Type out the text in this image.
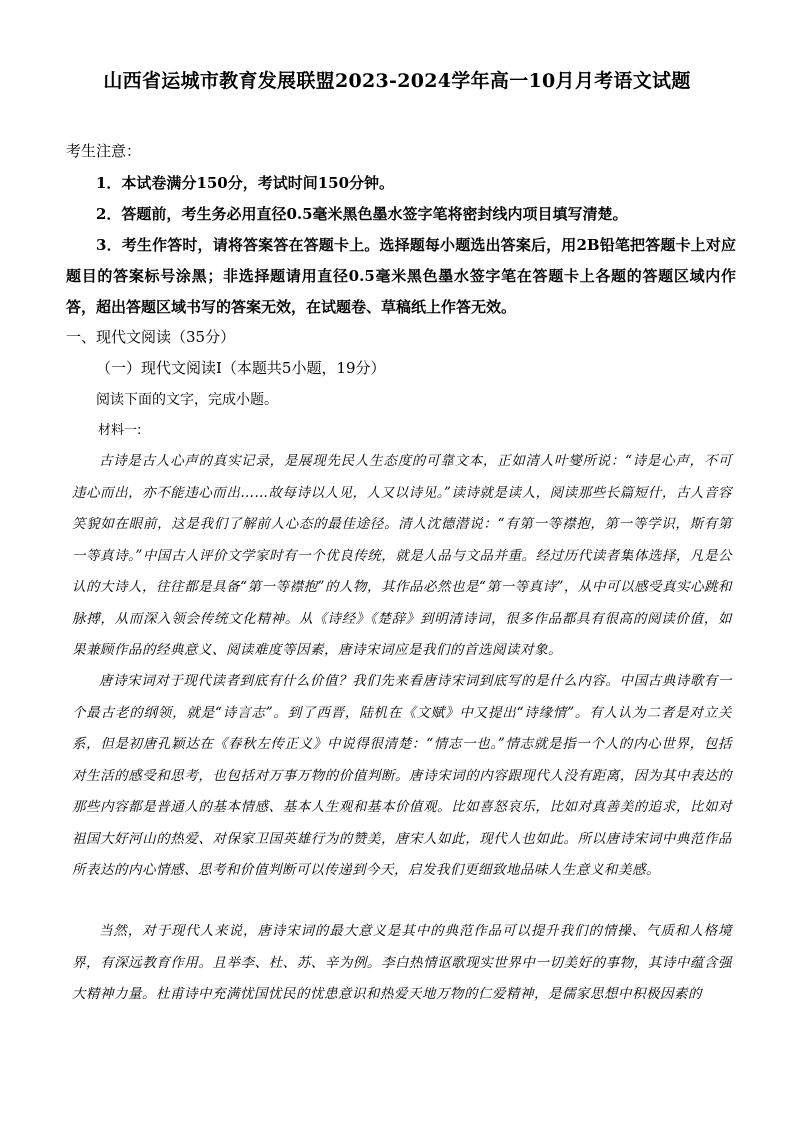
山西省运城市教育发展联盟2023-2024学年高一10月月考语文试题
考生注意：

1．本试卷满分150分，考试时间150分钟。

2．答题前，考生务必用直径0.5毫米黑色墨水签字笔将密封线内项目填写清楚。

3．考生作答时，请将答案答在答题卡上。选择题每小题选出答案后，用2B铅笔把答题卡上对应题目的答案标号涂黑；非选择题请用直径0.5毫米黑色墨水签字笔在答题卡上各题的答题区域内作答，超出答题区域书写的答案无效，在试题卷、草稿纸上作答无效。

一、现代文阅读（35分）
（一）现代文阅读Ⅰ（本题共5小题，19分）
阅读下面的文字，完成小题。
材料一:

古诗是古人心声的真实记录，是展现先民人生态度的可靠文本，正如清人叶燮所说：“诗是心声，不可违心而出，亦不能违心而出……故每诗以人见，人又以诗见。”读诗就是读人，阅读那些长篇短什，古人音容笑貌如在眼前，这是我们了解前人心态的最佳途径。清人沈德潜说：“有第一等襟抱，第一等学识，斯有第一等真诗。”中国古人评价文学家时有一个优良传统，就是人品与文品并重。经过历代读者集体选择，凡是公认的大诗人，往往都是具备“第一等襟抱”的人物，其作品必然也是“第一等真诗”，从中可以感受真实心跳和脉搏，从而深入领会传统文化精神。从《诗经》《楚辞》到明清诗词，很多作品都具有很高的阅读价值，如果兼顾作品的经典意义、阅读难度等因素，唐诗宋词应是我们的首选阅读对象。

唐诗宋词对于现代读者到底有什么价值？我们先来看唐诗宋词到底写的是什么内容。中国古典诗歌有一个最古老的纲领，就是“诗言志”。到了西晋，陆机在《文赋》中又提出“诗缘情”。有人认为二者是对立关系，但是初唐孔颖达在《春秋左传正义》中说得很清楚：“情志一也。”情志就是指一个人的内心世界，包括对生活的感受和思考，也包括对万事万物的价值判断。唐诗宋词的内容跟现代人没有距离，因为其中表达的那些内容都是普通人的基本情感、基本人生观和基本价值观。比如喜怒哀乐，比如对真善美的追求，比如对祖国大好河山的热爱、对保家卫国英雄行为的赞美，唐宋人如此，现代人也如此。所以唐诗宋词中典范作品所表达的内心情感、思考和价值判断可以传递到今天，启发我们更细致地品味人生意义和美感。

当然，对于现代人来说，唐诗宋词的最大意义是其中的典范作品可以提升我们的情操、气质和人格境界，有深远教育作用。且举李、杜、苏、辛为例。李白热情讴歌现实世界中一切美好的事物，其诗中蕴含强大精神力量。杜甫诗中充满忧国忧民的忧患意识和热爱天地万物的仁爱精神，是儒家思想中积极因素的
